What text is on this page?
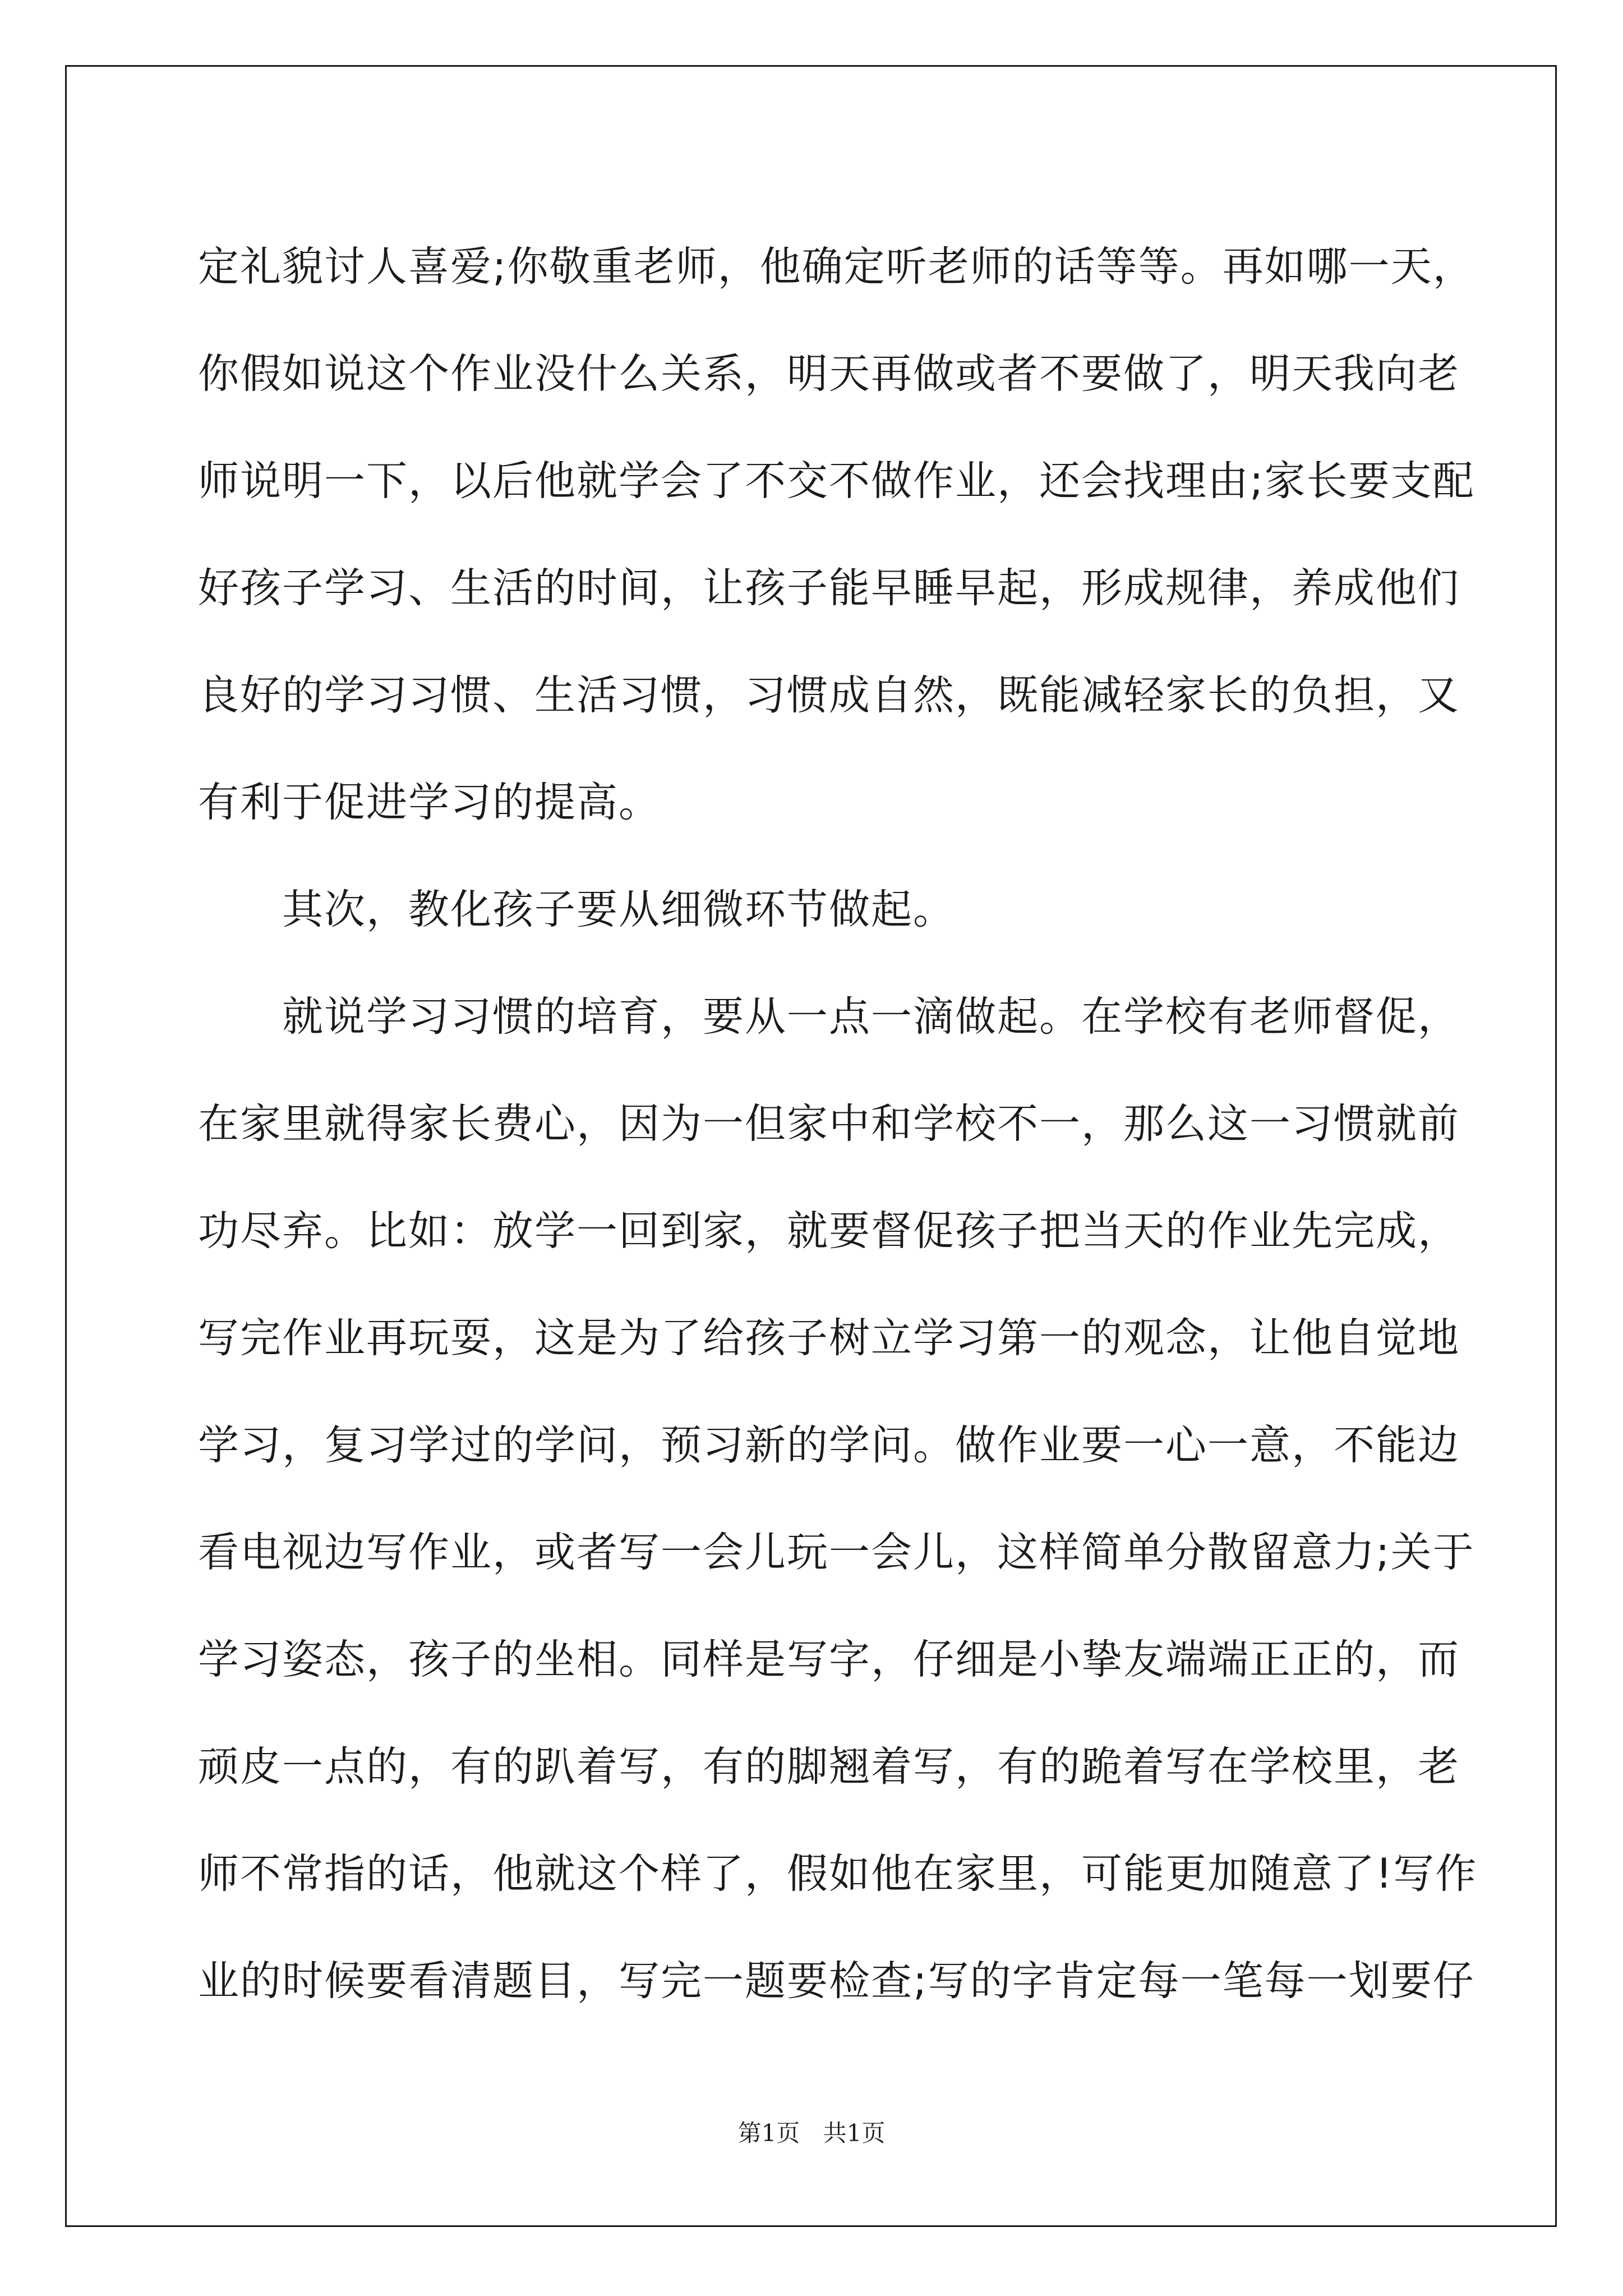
定礼貌讨人喜爱;你敬重老师，他确定听老师的话等等。再如哪一天，
你假如说这个作业没什么关系，明天再做或者不要做了，明天我向老
师说明一下，以后他就学会了不交不做作业，还会找理由;家长要支配
好孩子学习、生活的时间，让孩子能早睡早起，形成规律，养成他们
良好的学习习惯、生活习惯，习惯成自然，既能减轻家长的负担，又
有利于促进学习的提高。
其次，教化孩子要从细微环节做起。
就说学习习惯的培育，要从一点一滴做起。在学校有老师督促，
在家里就得家长费心，因为一但家中和学校不一，那么这一习惯就前
功尽弃。比如：放学一回到家，就要督促孩子把当天的作业先完成，
写完作业再玩耍，这是为了给孩子树立学习第一的观念，让他自觉地
学习，复习学过的学问，预习新的学问。做作业要一心一意，不能边
看电视边写作业，或者写一会儿玩一会儿，这样简单分散留意力;关于
学习姿态，孩子的坐相。同样是写字，仔细是小挚友端端正正的，而
顽皮一点的，有的趴着写，有的脚翘着写，有的跪着写在学校里，老
师不常指的话，他就这个样了，假如他在家里，可能更加随意了!写作
业的时候要看清题目，写完一题要检查;写的字肯定每一笔每一划要仔
第1页 共1页
